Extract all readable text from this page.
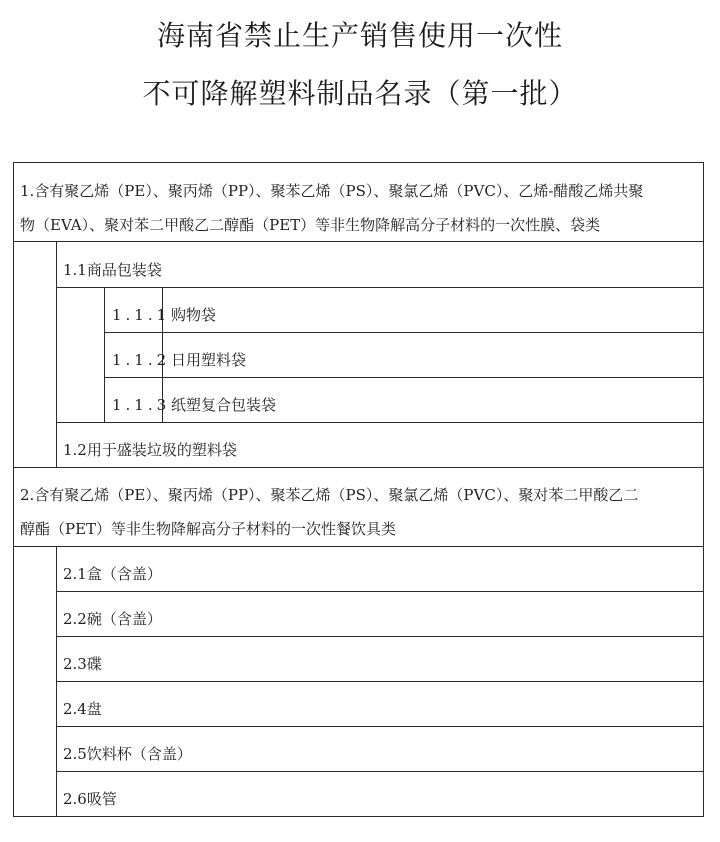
海南省禁止生产销售使用一次性
不可降解塑料制品名录（第一批）
1.含有聚乙烯（PE）、聚丙烯（PP）、聚苯乙烯（PS）、聚氯乙烯（PVC）、乙烯-醋酸乙烯共聚
物（EVA）、聚对苯二甲酸乙二醇酯（PET）等非生物降解高分子材料的一次性膜、袋类
1.1商品包装袋
1.1.1 购物袋
1.1.2 日用塑料袋
1.1.3 纸塑复合包装袋
1.2用于盛装垃圾的塑料袋
2.含有聚乙烯（PE）、聚丙烯（PP）、聚苯乙烯（PS）、聚氯乙烯（PVC）、聚对苯二甲酸乙二
醇酯（PET）等非生物降解高分子材料的一次性餐饮具类
2.1盒（含盖）
2.2碗（含盖）
2.3碟
2.4盘
2.5饮料杯（含盖）
2.6吸管
